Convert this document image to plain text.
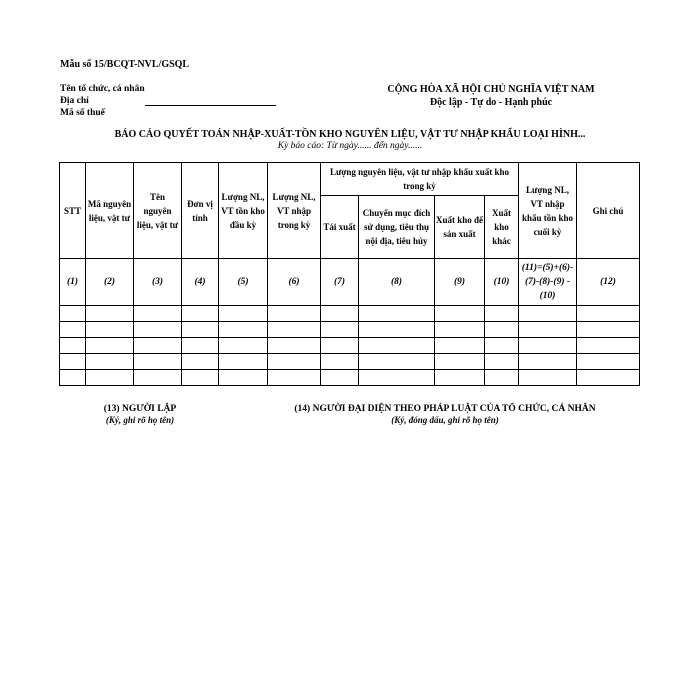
Mẫu số 15/BCQT-NVL/GSQL
Tên tổ chức, cá nhân
Địa chỉ
Mã số thuế
CỘNG HÒA XÃ HỘI CHỦ NGHĨA VIỆT NAM
Độc lập - Tự do - Hạnh phúc
BÁO CÁO QUYẾT TOÁN NHẬP-XUẤT-TỒN KHO NGUYÊN LIỆU, VẬT TƯ NHẬP KHẨU LOẠI HÌNH...
Kỳ báo cáo: Từ ngày...... đến ngày......
STT	Mã nguyên liệu, vật tư	Tên nguyên liệu, vật tư	Đơn vị tính	Lượng NL, VT tồn kho đầu kỳ	Lượng NL, VT nhập trong kỳ	Lượng nguyên liệu, vật tư nhập khẩu xuất kho trong kỳ				Lượng NL, VT nhập khẩu tồn kho cuối kỳ	Ghi chú
						Tái xuất	Chuyển mục đích sử dụng, tiêu thụ nội địa, tiêu hủy	Xuất kho để sản xuất	Xuất kho khác		
(1)	(2)	(3)	(4)	(5)	(6)	(7)	(8)	(9)	(10)	(11)=(5)+(6)-(7)-(8)-(9) - (10)	(12)

(13) NGƯỜI LẬP
(Ký, ghi rõ họ tên)
(14) NGƯỜI ĐẠI DIỆN THEO PHÁP LUẬT CỦA TỔ CHỨC, CÁ NHÂN
(Ký, đóng dấu, ghi rõ họ tên)
